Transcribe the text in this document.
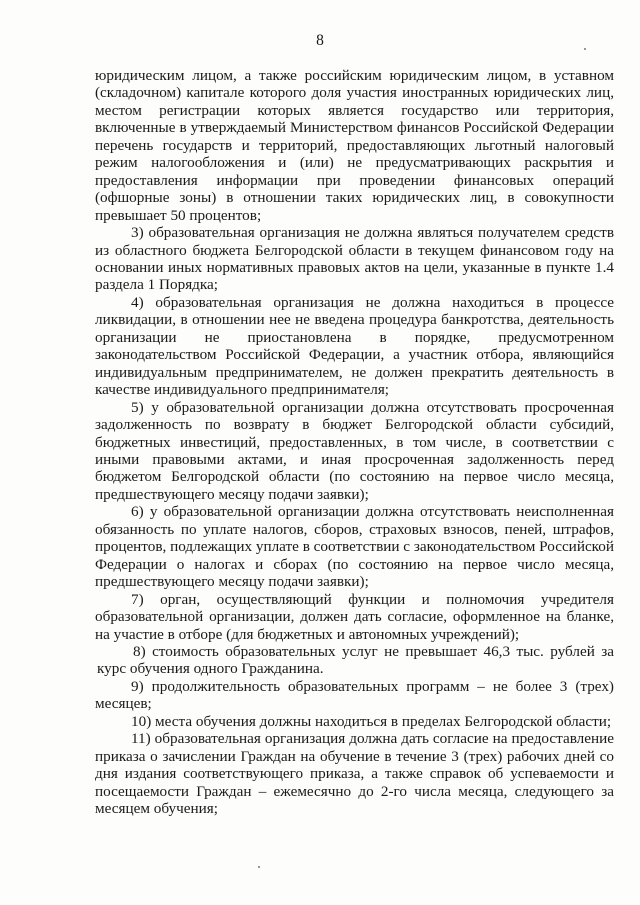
8

юридическим лицом, а также российским юридическим лицом, в уставном (складочном) капитале которого доля участия иностранных юридических лиц, местом регистрации которых является государство или территория, включенные в утверждаемый Министерством финансов Российской Федерации перечень государств и территорий, предоставляющих льготный налоговый режим налогообложения и (или) не предусматривающих раскрытия и предоставления информации при проведении финансовых операций (офшорные зоны) в отношении таких юридических лиц, в совокупности превышает 50 процентов;

3) образовательная организация не должна являться получателем средств из областного бюджета Белгородской области в текущем финансовом году на основании иных нормативных правовых актов на цели, указанные в пункте 1.4 раздела 1 Порядка;

4) образовательная организация не должна находиться в процессе ликвидации, в отношении нее не введена процедура банкротства, деятельность организации не приостановлена в порядке, предусмотренном законодательством Российской Федерации, а участник отбора, являющийся индивидуальным предпринимателем, не должен прекратить деятельность в качестве индивидуального предпринимателя;

5) у образовательной организации должна отсутствовать просроченная задолженность по возврату в бюджет Белгородской области субсидий, бюджетных инвестиций, предоставленных, в том числе, в соответствии с иными правовыми актами, и иная просроченная задолженность перед бюджетом Белгородской области (по состоянию на первое число месяца, предшествующего месяцу подачи заявки);

6) у образовательной организации должна отсутствовать неисполненная обязанность по уплате налогов, сборов, страховых взносов, пеней, штрафов, процентов, подлежащих уплате в соответствии с законодательством Российской Федерации о налогах и сборах (по состоянию на первое число месяца, предшествующего месяцу подачи заявки);

7) орган, осуществляющий функции и полномочия учредителя образовательной организации, должен дать согласие, оформленное на бланке, на участие в отборе (для бюджетных и автономных учреждений);

8) стоимость образовательных услуг не превышает 46,3 тыс. рублей за курс обучения одного Гражданина.

9) продолжительность образовательных программ – не более 3 (трех) месяцев;

10) места обучения должны находиться в пределах Белгородской области;

11) образовательная организация должна дать согласие на предоставление приказа о зачислении Граждан на обучение в течение 3 (трех) рабочих дней со дня издания соответствующего приказа, а также справок об успеваемости и посещаемости Граждан – ежемесячно до 2-го числа месяца, следующего за месяцем обучения;
